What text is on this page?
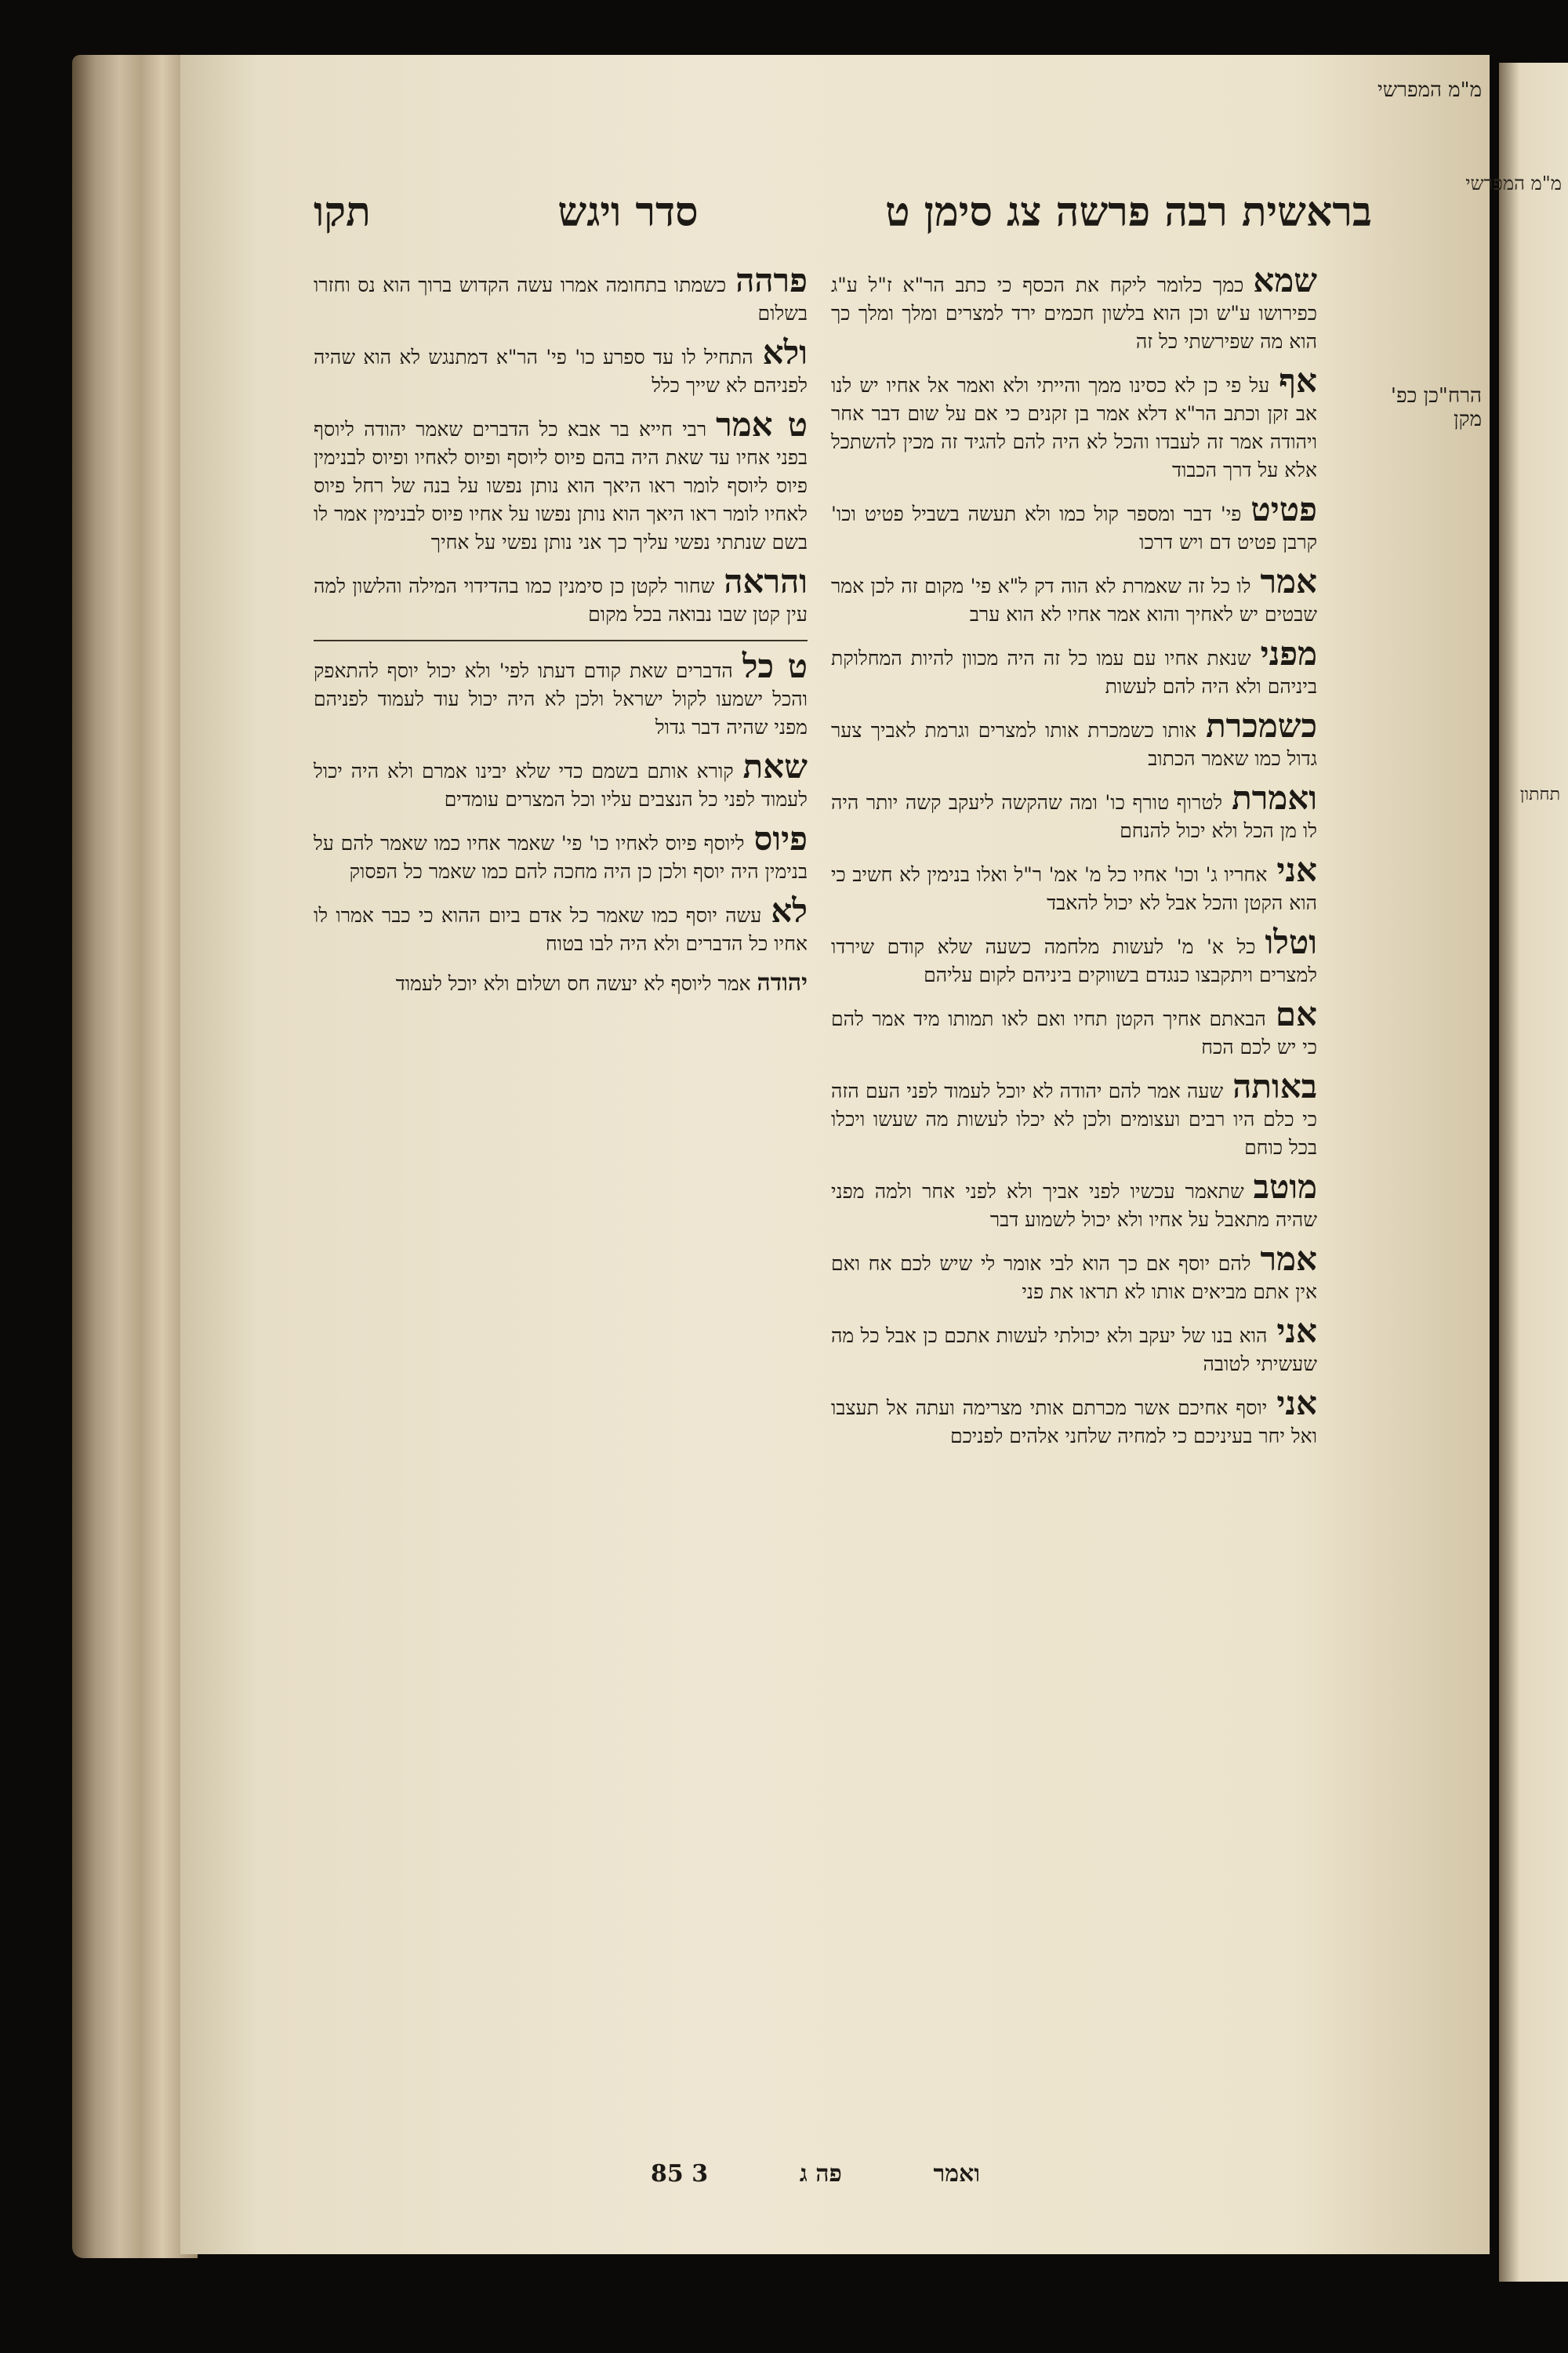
בראשית רבה פרשה צג סימן ט
סדר ויגש
תקו
מ"מ המפרשי
הרח"כן כפ' מקן
שמאכמך כלומר ליקח את הכסף כי כתב הר"א ז"ל ע"ג כפירושו ע"ש וכן הוא בלשון חכמים ירד למצרים ומלך ומלך כך הוא מה שפירשתי כל זה
אףעל פי כן לא כסינו ממך והייתי ולא ואמר אל אחיו יש לנו אב זקן וכתב הר"א דלא אמר בן זקנים כי אם על שום דבר אחר ויהודה אמר זה לעבדו והכל לא היה להם להגיד זה מכין להשתכל אלא על דרך הכבוד
פטיטפי' דבר ומספר קול כמו ולא תעשה בשביל פטיט וכו' קרבן פטיט דם ויש דרכו
אמרלו כל זה שאמרת לא הוה דק ל"א פי' מקום זה לכן אמר שבטים יש לאחיך והוא אמר אחיו לא הוא ערב
מפנישנאת אחיו עם עמו כל זה היה מכוון להיות המחלוקת ביניהם ולא היה להם לעשות
כשמכרתאותו כשמכרת אותו למצרים וגרמת לאביך צער גדול כמו שאמר הכתוב
ואמרתלטרוף טורף כו' ומה שהקשה ליעקב קשה יותר היה לו מן הכל ולא יכול להנחם
אניאחריו ג' וכו' אחיו כל מ' אמ' ר"ל ואלו בנימין לא חשיב כי הוא הקטן והכל אבל לא יכול להאבד
וטלוכל א' מ' לעשות מלחמה כשעה שלא קודם שירדו למצרים ויתקבצו כנגדם בשווקים ביניהם לקום עליהם
אםהבאתם אחיך הקטן תחיו ואם לאו תמותו מיד אמר להם כי יש לכם הכח
באותהשעה אמר להם יהודה לא יוכל לעמוד לפני העם הזה כי כלם היו רבים ועצומים ולכן לא יכלו לעשות מה שעשו ויכלו בכל כוחם
מוטבשתאמר עכשיו לפני אביך ולא לפני אחר ולמה מפני שהיה מתאבל על אחיו ולא יכול לשמוע דבר
אמרלהם יוסף אם כך הוא לבי אומר לי שיש לכם אח ואם אין אתם מביאים אותו לא תראו את פני
אניהוא בנו של יעקב ולא יכולתי לעשות אתכם כן אבל כל מה שעשיתי לטובה
אנייוסף אחיכם אשר מכרתם אותי מצרימה ועתה אל תעצבו ואל יחר בעיניכם כי למחיה שלחני אלהים לפניכם
פרההכשמתו בתחומה אמרו עשה הקדוש ברוך הוא נס וחזרו בשלום
ולאהתחיל לו עד ספרע כו' פי' הר"א דמתנגש לא הוא שהיה לפניהם לא שייך כלל
ט אמררבי חייא בר אבא כל הדברים שאמר יהודה ליוסף בפני אחיו עד שאת היה בהם פיוס ליוסף ופיוס לאחיו ופיוס לבנימין פיוס ליוסף לומר ראו היאך הוא נותן נפשו על בנה של רחל פיוס לאחיו לומר ראו היאך הוא נותן נפשו על אחיו פיוס לבנימין אמר לו בשם שנתתי נפשי עליך כך אני נותן נפשי על אחיך
והראהשחור לקטן כן סימנין כמו בהדידוי המילה והלשון למה עין קטן שבו נבואה בכל מקום
ט כלהדברים שאת קודם דעתו לפי' ולא יכול יוסף להתאפק והכל ישמעו לקול ישראל ולכן לא היה יכול עוד לעמוד לפניהם מפני שהיה דבר גדול
שאתקורא אותם בשמם כדי שלא יבינו אמרם ולא היה יכול לעמוד לפני כל הנצבים עליו וכל המצרים עומדים
פיוסליוסף פיוס לאחיו כו' פי' שאמר אחיו כמו שאמר להם על בנימין היה יוסף ולכן כן היה מחכה להם כמו שאמר כל הפסוק
לאעשה יוסף כמו שאמר כל אדם ביום ההוא כי כבר אמרו לו אחיו כל הדברים ולא היה לבו בטוח
יהודה אמר ליוסף לא יעשה חס ושלום ולא יוכל לעמוד
ואמר
פה ג
3 85
מ"מ המפרשי
תחתון
